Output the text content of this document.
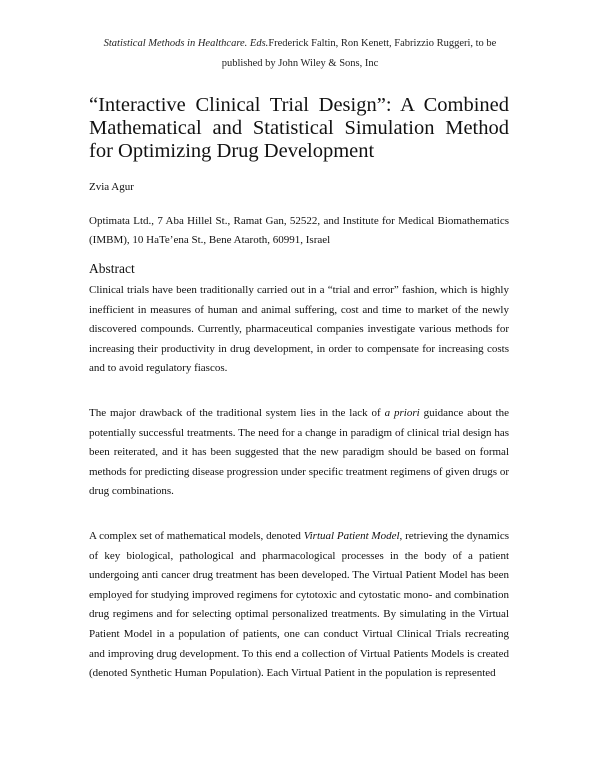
Statistical Methods in Healthcare. Eds.Frederick Faltin, Ron Kenett, Fabrizzio Ruggeri, to be
published by John Wiley & Sons, Inc
“Interactive Clinical Trial Design”: A Combined Mathematical and Statistical Simulation Method for Optimizing Drug Development
Zvia Agur
Optimata Ltd., 7 Aba Hillel St., Ramat Gan, 52522, and Institute for Medical Biomathematics (IMBM), 10 HaTe’ena St., Bene Ataroth, 60991, Israel
Abstract

Clinical trials have been traditionally carried out in a “trial and error” fashion, which is highly inefficient in measures of human and animal suffering, cost and time to market of the newly discovered compounds. Currently, pharmaceutical companies investigate various methods for increasing their productivity in drug development, in order to compensate for increasing costs and to avoid regulatory fiascos.

The major drawback of the traditional system lies in the lack of a priori guidance about the potentially successful treatments. The need for a change in paradigm of clinical trial design has been reiterated, and it has been suggested that the new paradigm should be based on formal methods for predicting disease progression under specific treatment regimens of given drugs or drug combinations.

A complex set of mathematical models, denoted Virtual Patient Model, retrieving the dynamics of key biological, pathological and pharmacological processes in the body of a patient undergoing anti cancer drug treatment has been developed. The Virtual Patient Model has been employed for studying improved regimens for cytotoxic and cytostatic mono- and combination drug regimens and for selecting optimal personalized treatments. By simulating in the Virtual Patient Model in a population of patients, one can conduct Virtual Clinical Trials recreating and improving drug development. To this end a collection of Virtual Patients Models is created (denoted Synthetic Human Population). Each Virtual Patient in the population is represented
